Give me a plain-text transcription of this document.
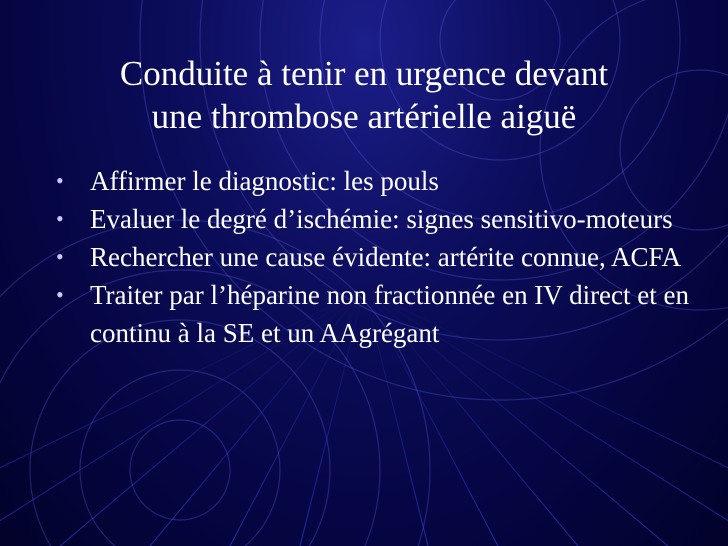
Conduite à tenir en urgence devant
une thrombose artérielle aiguë
• Affirmer le diagnostic: les pouls
• Evaluer le degré d’ischémie: signes sensitivo-moteurs
• Rechercher une cause évidente: artérite connue, ACFA
• Traiter par l’héparine non fractionnée en IV direct et en continu à la SE et un AAgrégant
